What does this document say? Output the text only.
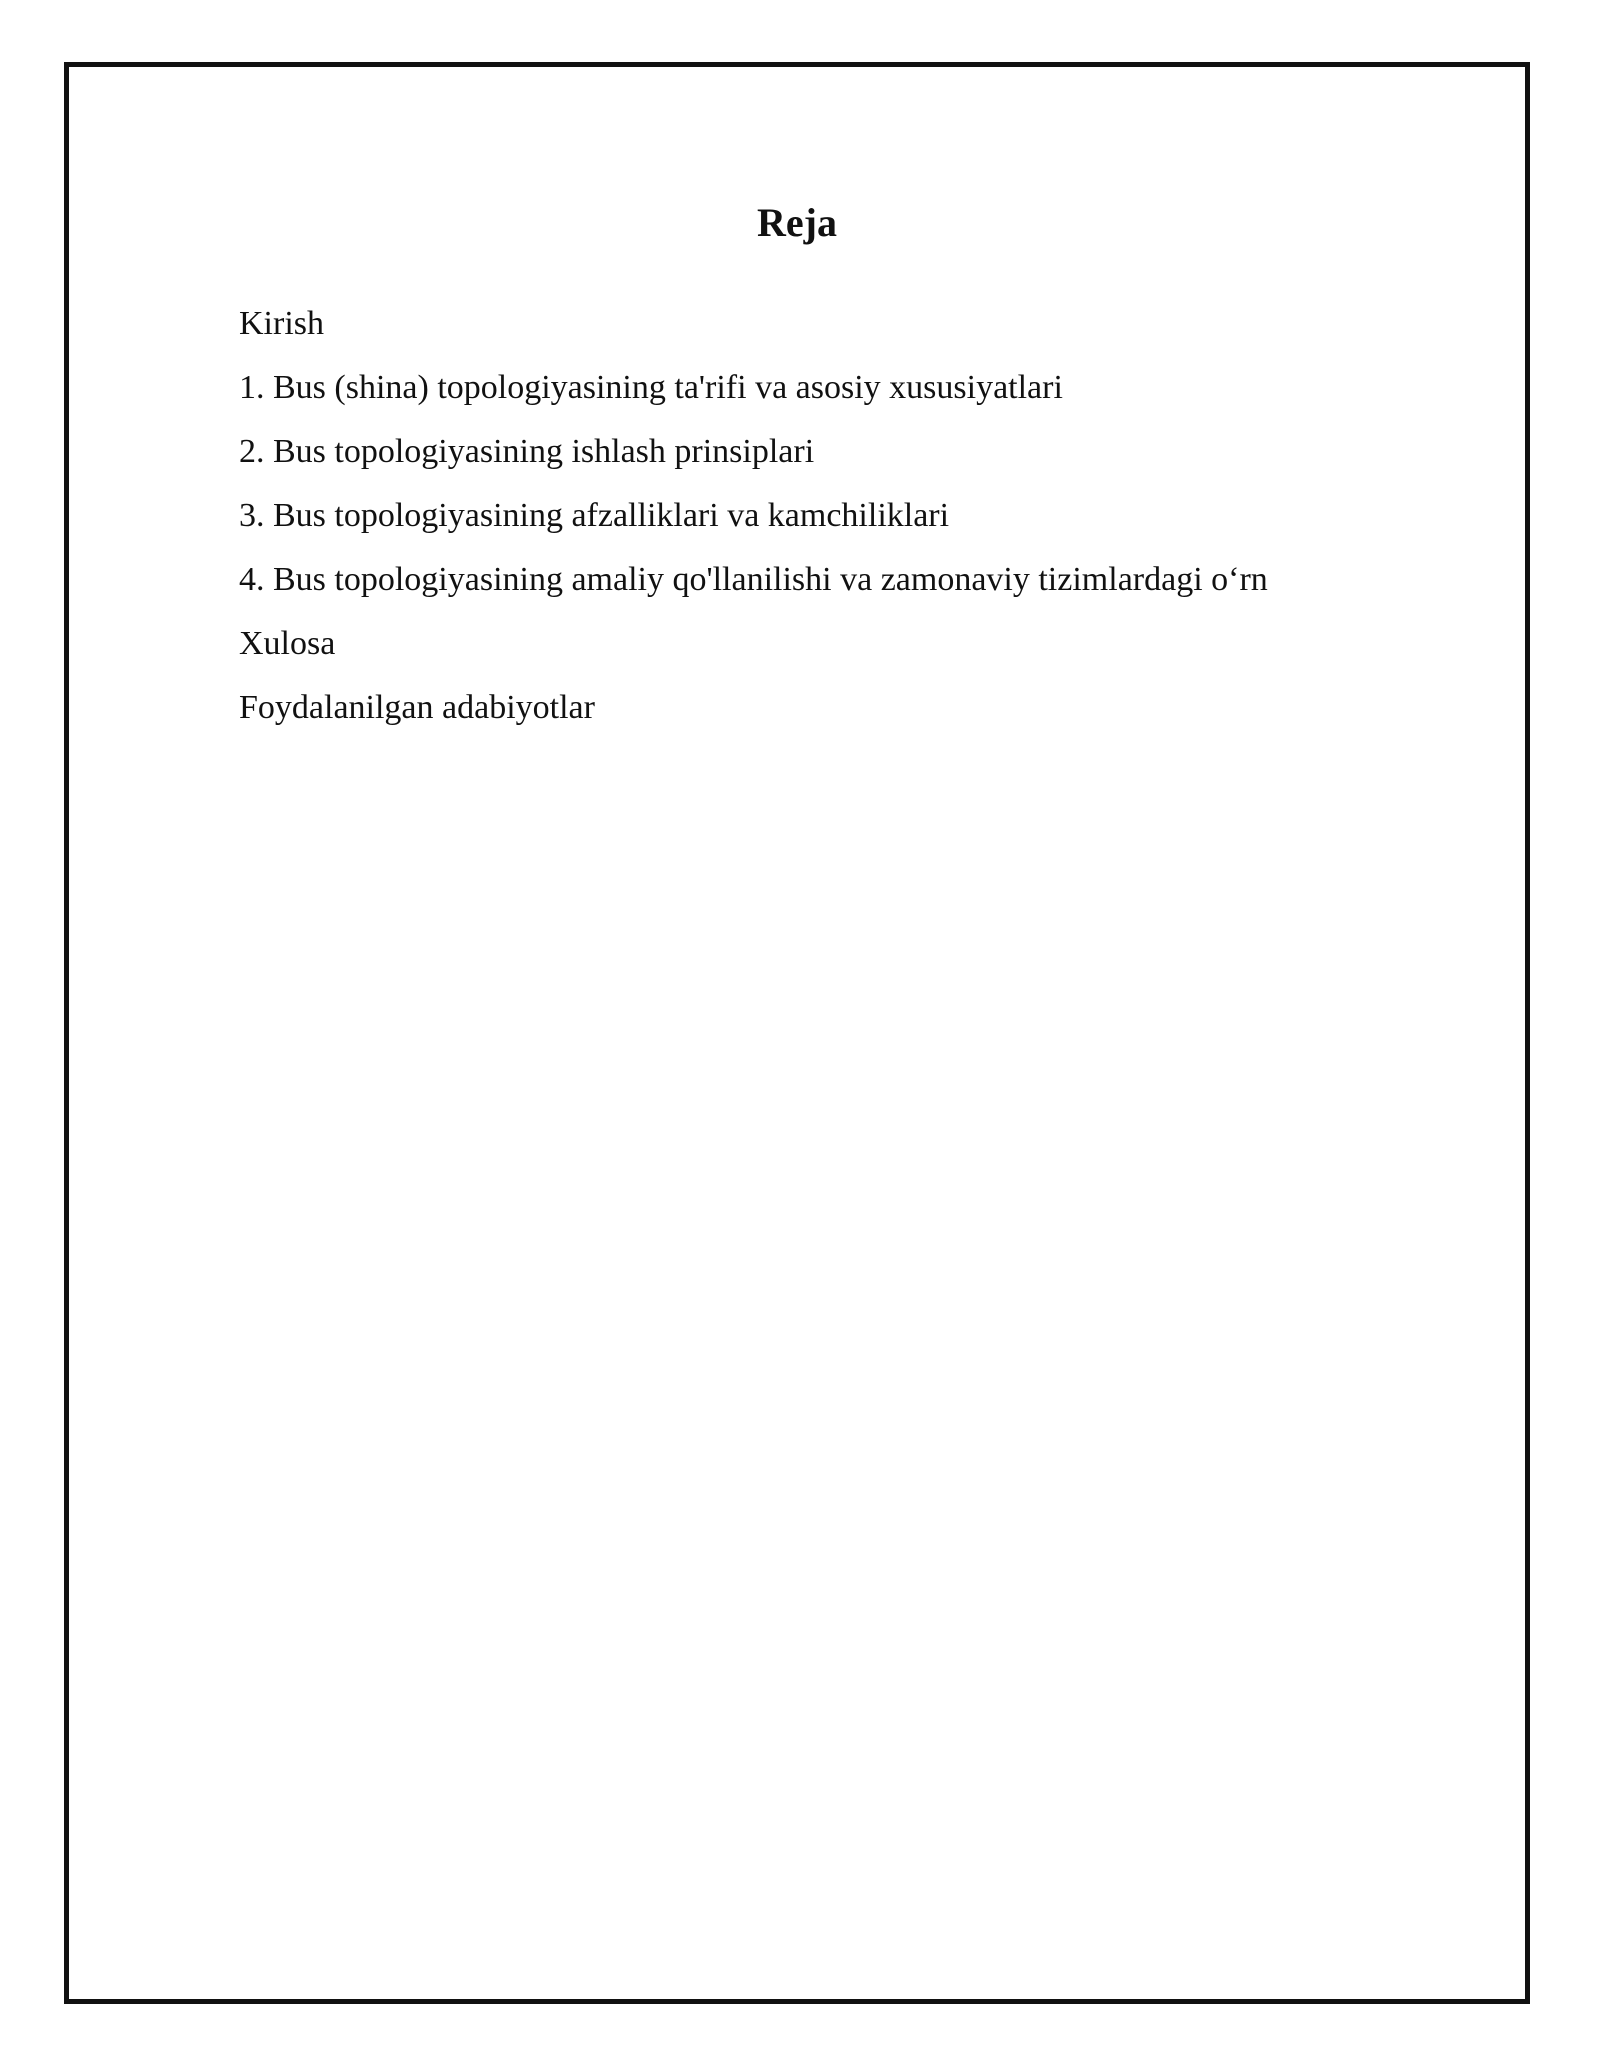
Reja
Kirish
1. Bus (shina) topologiyasining ta'rifi va asosiy xususiyatlari
2. Bus topologiyasining ishlash prinsiplari
3. Bus topologiyasining afzalliklari va kamchiliklari
4. Bus topologiyasining amaliy qo'llanilishi va zamonaviy tizimlardagi o‘rn
Xulosa
Foydalanilgan adabiyotlar
